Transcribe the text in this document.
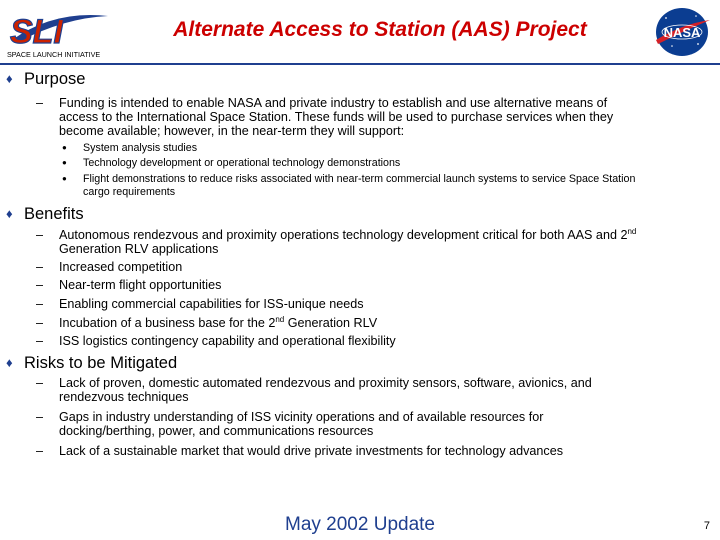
SLI
SPACE LAUNCH INITIATIVE
Alternate Access to Station (AAS) Project	NASA
♦ Purpose
– Funding is intended to enable NASA and private industry to establish and use alternative means of
access to the International Space Station. These funds will be used to purchase services when they
become available; however, in the near-term they will support:
● System analysis studies
● Technology development or operational technology demonstrations
● Flight demonstrations to reduce risks associated with near-term commercial launch systems to service Space Station
cargo requirements
♦ Benefits
– Autonomous rendezvous and proximity operations technology development critical for both AAS and 2nd
Generation RLV applications
– Increased competition
– Near-term flight opportunities
– Enabling commercial capabilities for ISS-unique needs
– Incubation of a business base for the 2nd Generation RLV
– ISS logistics contingency capability and operational flexibility
♦ Risks to be Mitigated
– Lack of proven, domestic automated rendezvous and proximity sensors, software, avionics, and
rendezvous techniques
– Gaps in industry understanding of ISS vicinity operations and of available resources for
docking/berthing, power, and communications resources
– Lack of a sustainable market that would drive private investments for technology advances
May 2002 Update	7
